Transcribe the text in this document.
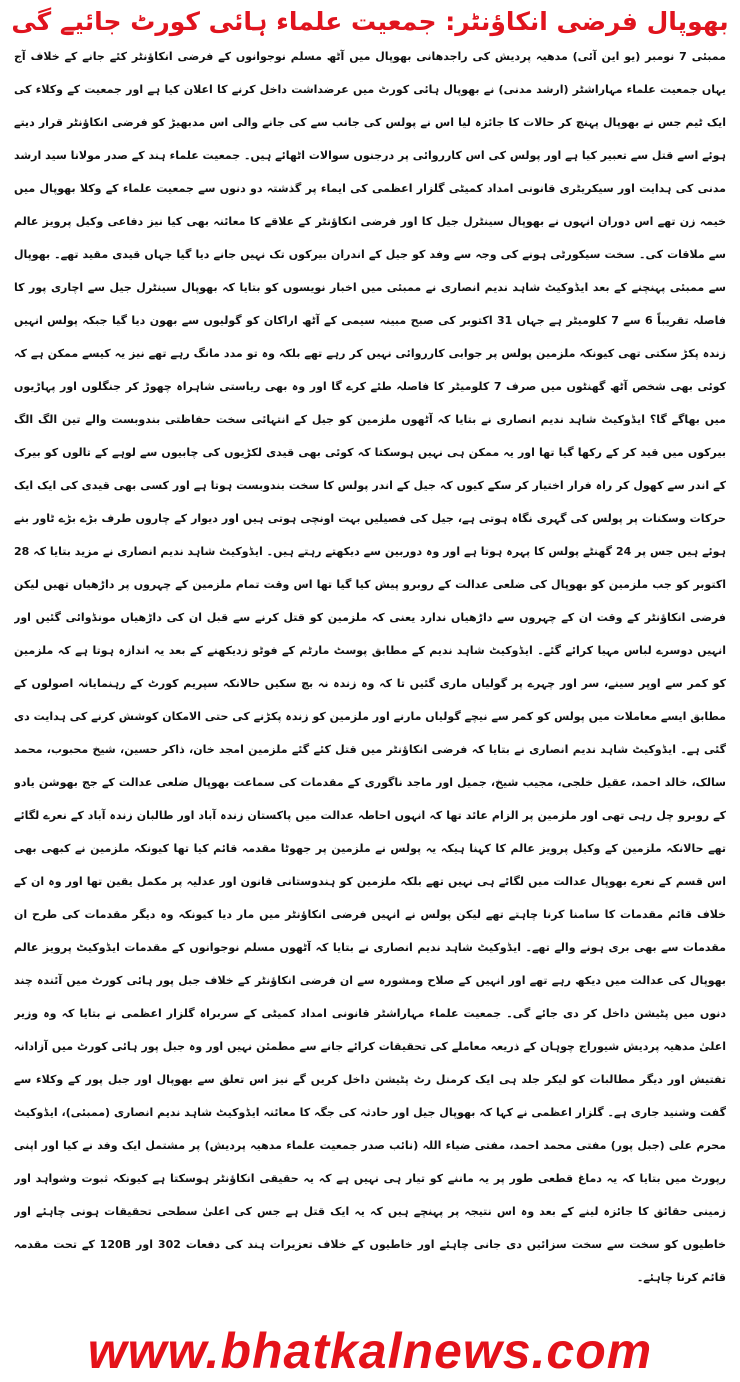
بھوپال فرضی انکاؤنٹر: جمعیت علماء ہائی کورٹ جائیے گی
ممبئی 7 نومبر (یو این آئی) مدھیہ پردیش کی راجدھانی بھوپال میں آٹھ مسلم نوجوانوں کے فرضی انکاؤنٹر کئے جانے کے خلاف آج یہاں جمعیت علماء مہاراشٹر (ارشد مدنی) نے بھوپال ہائی کورٹ میں عرضداشت داخل کرنے کا اعلان کیا ہے اور جمعیت کے وکلاء کی ایک ٹیم جس نے بھوپال پہنچ کر حالات کا جائزہ لیا اس نے پولس کی جانب سے کی جانے والی اس مدبھیڑ کو فرضی انکاؤنٹر قرار دیتے ہوئے اسے قتل سے تعبیر کیا ہے اور پولس کی اس کارروائی پر درجنوں سوالات اٹھائے ہیں۔ جمعیت علماء ہند کے صدر مولانا سید ارشد مدنی کی ہدایت اور سیکریٹری قانونی امداد کمیٹی گلزار اعظمی کی ایماء پر گذشتہ دو دنوں سے جمعیت علماء کے وکلا بھوپال میں خیمہ زن تھے اس دوران انہوں نے بھوپال سینٹرل جیل کا اور فرضی انکاؤنٹر کے علاقے کا معائنہ بھی کیا نیز دفاعی وکیل پرویز عالم سے ملاقات کی۔ سخت سیکورٹی ہونے کی وجہ سے وفد کو جیل کے اندران بیرکوں تک نہیں جانے دیا گیا جہاں قیدی مقید تھے۔ بھوپال سے ممبئی پہنچنے کے بعد ایڈوکیٹ شاہد ندیم انصاری نے ممبئی میں اخبار نویسوں کو بتایا کہ بھوپال سینٹرل جیل سے اچاری پور کا فاصلہ تقریباً 6 سے 7 کلومیٹر ہے جہاں 31 اکتوبر کی صبح مبینہ سیمی کے آٹھ اراکان کو گولیوں سے بھون دیا گیا جبکہ پولس انہیں زندہ پکڑ سکتی تھی کیونکہ ملزمین پولس پر جوابی کارروائی نہیں کر رہے تھے بلکہ وہ تو مدد مانگ رہے تھے نیز یہ کیسے ممکن ہے کہ کوئی بھی شخص آٹھ گھنٹوں میں صرف 7 کلومیٹر کا فاصلہ طئے کرے گا اور وہ بھی ریاستی شاہراہ چھوڑ کر جنگلوں اور پہاڑیوں میں بھاگے گا؟ ایڈوکیٹ شاہد ندیم انصاری نے بتایا کہ آٹھوں ملزمین کو جیل کے انتہائی سخت حفاظتی بندوبست والے تین الگ الگ بیرکوں میں قید کر کے رکھا گیا تھا اور یہ ممکن ہی نہیں ہوسکتا کہ کوئی بھی قیدی لکڑیوں کی چابیوں سے لوہے کے تالوں کو بیرک کے اندر سے کھول کر راہ فرار اختیار کر سکے کیوں کہ جیل کے اندر پولس کا سخت بندوبست ہوتا ہے اور کسی بھی قیدی کی ایک ایک حرکات وسکنات پر پولس کی گہری نگاہ ہوتی ہے، جیل کی فصیلیں بہت اونچی ہوتی ہیں اور دیوار کے چاروں طرف بڑے بڑے ٹاور بنے ہوئے ہیں جس پر 24 گھنٹے پولس کا پہرہ ہوتا ہے اور وہ دوربین سے دیکھتے رہتے ہیں۔ ایڈوکیٹ شاہد ندیم انصاری نے مزید بتایا کہ 28 اکتوبر کو جب ملزمین کو بھوپال کی ضلعی عدالت کے روبرو پیش کیا گیا تھا اس وقت تمام ملزمین کے چہروں پر داڑھیاں تھیں لیکن فرضی انکاؤنٹر کے وقت ان کے چہروں سے داڑھیاں ندارد یعنی کہ ملزمین کو قتل کرنے سے قبل ان کی داڑھیاں مونڈوائی گئیں اور انہیں دوسرے لباس مہیا کرائے گئے۔ ایڈوکیٹ شاہد ندیم کے مطابق پوسٹ مارٹم کے فوٹو زدیکھنے کے بعد یہ اندازہ ہوتا ہے کہ ملزمین کو کمر سے اوپر سینے، سر اور چہرے پر گولیاں ماری گئیں تا کہ وہ زندہ نہ بچ سکیں حالانکہ سپریم کورٹ کے رہنمایانہ اصولوں کے مطابق ایسے معاملات میں پولس کو کمر سے نیچے گولیاں مارنے اور ملزمین کو زندہ پکڑنے کی حتی الامکان کوشش کرنے کی ہدایت دی گئی ہے۔ ایڈوکیٹ شاہد ندیم انصاری نے بتایا کہ فرضی انکاؤنٹر میں قتل کئے گئے ملزمین امجد خان، ذاکر حسین، شیخ محبوب، محمد سالک، خالد احمد، عقیل خلجی، مجیب شیخ، جمیل اور ماجد ناگوری کے مقدمات کی سماعت بھوپال ضلعی عدالت کے جج بھوشن یادو کے روبرو چل رہی تھی اور ملزمین پر الزام عائد تھا کہ انہوں احاطہ عدالت میں پاکستان زندہ آباد اور طالبان زندہ آباد کے نعرے لگائے تھے حالانکہ ملزمین کے وکیل پرویز عالم کا کہنا ہیکہ یہ پولس نے ملزمین پر جھوٹا مقدمہ قائم کیا تھا کیونکہ ملزمین نے کبھی بھی اس قسم کے نعرے بھوپال عدالت میں لگائے ہی نہیں تھے بلکہ ملزمین کو ہندوستانی قانون اور عدلیہ پر مکمل یقین تھا اور وہ ان کے خلاف قائم مقدمات کا سامنا کرنا چاہتے تھے لیکن پولس نے انہیں فرضی انکاؤنٹر میں مار دیا کیونکہ وہ دیگر مقدمات کی طرح ان مقدمات سے بھی بری ہونے والے تھے۔ ایڈوکیٹ شاہد ندیم انصاری نے بتایا کہ آٹھوں مسلم نوجوانوں کے مقدمات ایڈوکیٹ پرویز عالم بھوپال کی عدالت میں دیکھ رہے تھے اور انہیں کے صلاح ومشورہ سے ان فرضی انکاؤنٹر کے خلاف جبل پور ہائی کورٹ میں آئندہ چند دنوں میں پٹیشن داخل کر دی جائے گی۔ جمعیت علماء مہاراشٹر قانونی امداد کمیٹی کے سربراہ گلزار اعظمی نے بتایا کہ وہ وزیر اعلیٰ مدھیہ پردیش شیوراج چوہان کے ذریعہ معاملے کی تحقیقات کرائے جانے سے مطمئن نہیں اور وہ جبل پور ہائی کورٹ میں آزادانہ تفتیش اور دیگر مطالبات کو لیکر جلد ہی ایک کرمنل رٹ پٹیشن داخل کریں گے نیز اس تعلق سے بھوپال اور جبل پور کے وکلاء سے گفت وشنید جاری ہے۔ گلزار اعظمی نے کہا کہ بھوپال جیل اور حادثہ کی جگہ کا معائنہ ایڈوکیٹ شاہد ندیم انصاری (ممبئی)، ایڈوکیٹ محرم علی (جبل پور) مفتی محمد احمد، مفتی ضیاء اللہ (نائب صدر جمعیت علماء مدھیہ پردیش) پر مشتمل ایک وفد نے کیا اور اپنی رپورٹ میں بتایا کہ یہ دماغ قطعی طور پر یہ ماننے کو تیار ہی نہیں ہے کہ یہ حقیقی انکاؤنٹر ہوسکتا ہے کیونکہ ثبوت وشواہد اور زمینی حقائق کا جائزہ لینے کے بعد وہ اس نتیجہ پر پہنچے ہیں کہ یہ ایک قتل ہے جس کی اعلیٰ سطحی تحقیقات ہونی چاہئے اور خاطیوں کو سخت سے سخت سزائیں دی جانی چاہئے اور خاطیوں کے خلاف تعزیرات ہند کی دفعات 302 اور 120B کے تحت مقدمہ قائم کرنا چاہئے۔
www.bhatkalnews.com
